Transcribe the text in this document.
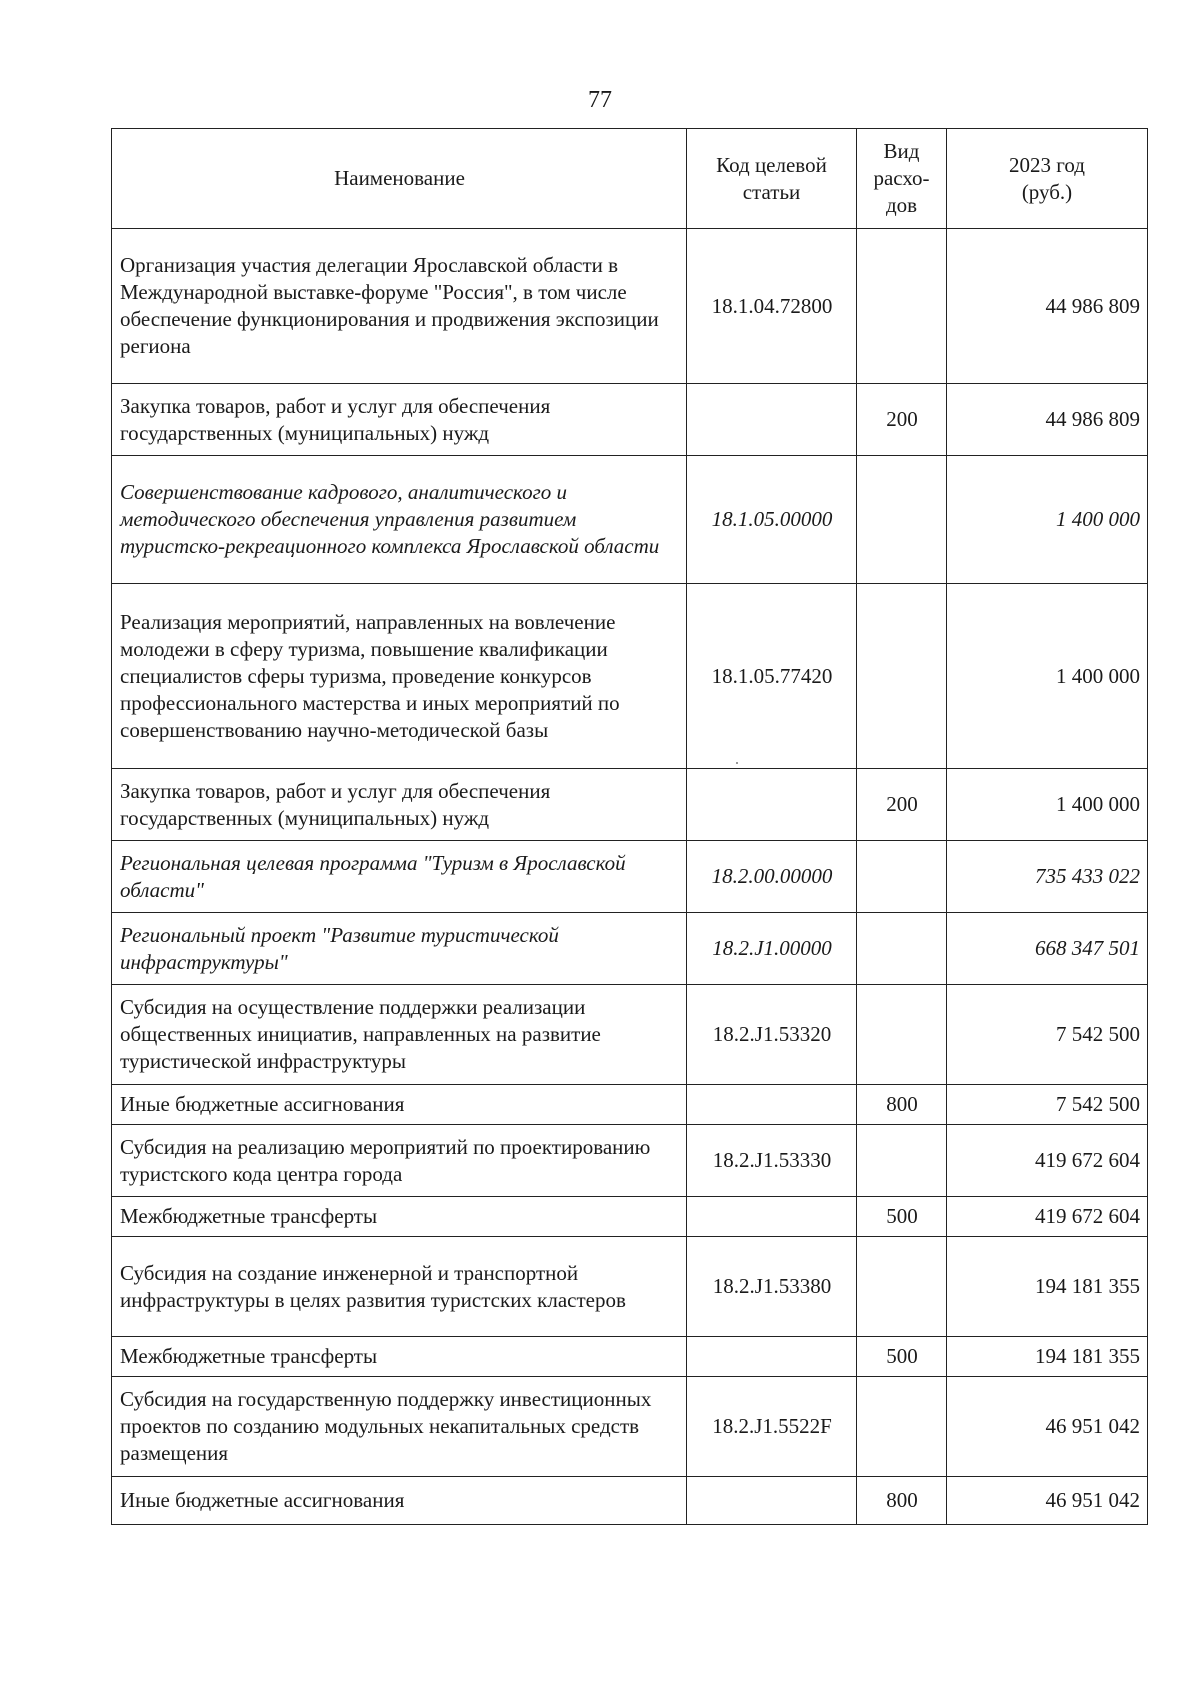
77
Наименование	Код целевой статьи	Вид расхо-дов	2023 год (руб.)
Организация участия делегации Ярославской области в Международной выставке-форуме "Россия", в том числе обеспечение функционирования и продвижения экспозиции региона	18.1.04.72800		44 986 809
Закупка товаров, работ и услуг для обеспечения государственных (муниципальных) нужд		200	44 986 809
Совершенствование кадрового, аналитического и методического обеспечения управления развитием туристско-рекреационного комплекса Ярославской области	18.1.05.00000		1 400 000
Реализация мероприятий, направленных на вовлечение молодежи в сферу туризма, повышение квалификации специалистов сферы туризма, проведение конкурсов профессионального мастерства и иных мероприятий по совершенствованию научно-методической базы	18.1.05.77420		1 400 000
Закупка товаров, работ и услуг для обеспечения государственных (муниципальных) нужд		200	1 400 000
Региональная целевая программа "Туризм в Ярославской области"	18.2.00.00000		735 433 022
Региональный проект "Развитие туристической инфраструктуры"	18.2.J1.00000		668 347 501
Субсидия на осуществление поддержки реализации общественных инициатив, направленных на развитие туристической инфраструктуры	18.2.J1.53320		7 542 500
Иные бюджетные ассигнования		800	7 542 500
Субсидия на реализацию мероприятий по проектированию туристского кода центра города	18.2.J1.53330		419 672 604
Межбюджетные трансферты		500	419 672 604
Субсидия на создание инженерной и транспортной инфраструктуры в целях развития туристских кластеров	18.2.J1.53380		194 181 355
Межбюджетные трансферты		500	194 181 355
Субсидия на государственную поддержку инвестиционных проектов по созданию модульных некапитальных средств размещения	18.2.J1.5522F		46 951 042
Иные бюджетные ассигнования		800	46 951 042
